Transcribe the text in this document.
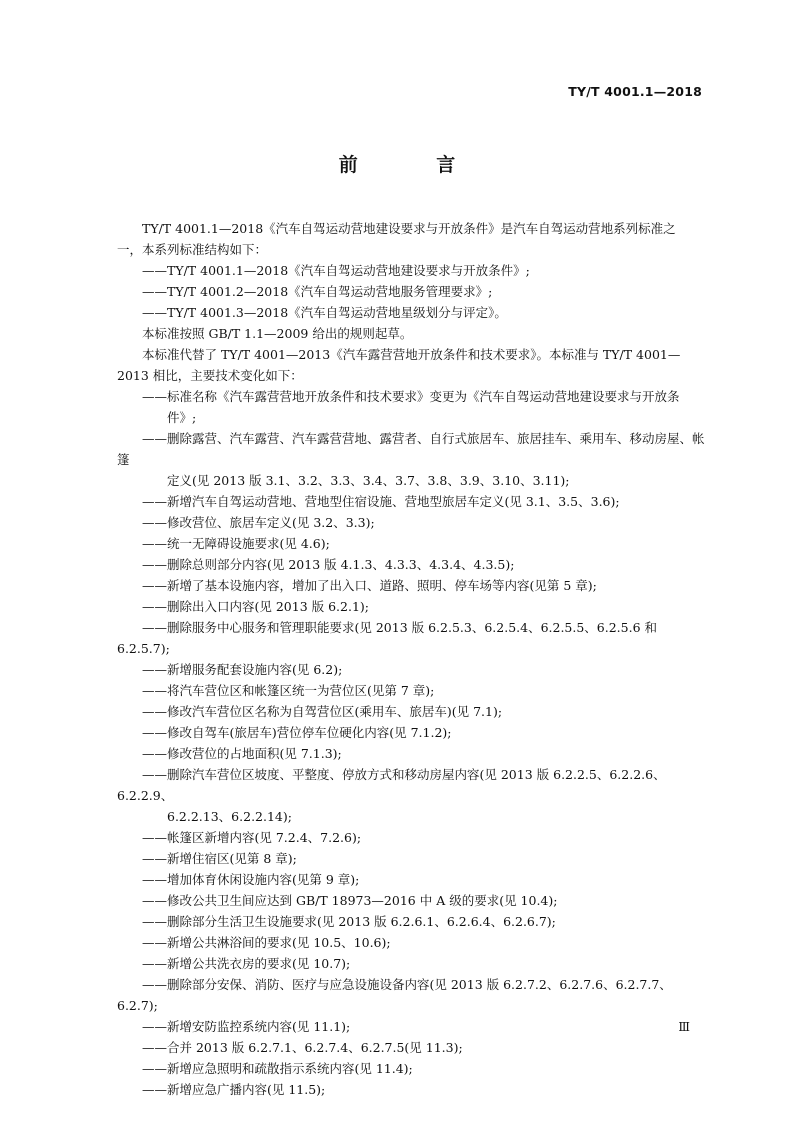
TY/T 4001.1—2018
前 言
TY/T 4001.1—2018《汽车自驾运动营地建设要求与开放条件》是汽车自驾运动营地系列标准之
一，本系列标准结构如下：
——TY/T 4001.1—2018《汽车自驾运动营地建设要求与开放条件》;
——TY/T 4001.2—2018《汽车自驾运动营地服务管理要求》;
——TY/T 4001.3—2018《汽车自驾运动营地星级划分与评定》。
本标准按照 GB/T 1.1—2009 给出的规则起草。
本标准代替了 TY/T 4001—2013《汽车露营营地开放条件和技术要求》。本标准与 TY/T 4001—
2013 相比，主要技术变化如下：
——标准名称《汽车露营营地开放条件和技术要求》变更为《汽车自驾运动营地建设要求与开放条
件》;
——删除露营、汽车露营、汽车露营营地、露营者、自行式旅居车、旅居挂车、乘用车、移动房屋、帐篷
定义(见 2013 版 3.1、3.2、3.3、3.4、3.7、3.8、3.9、3.10、3.11);
——新增汽车自驾运动营地、营地型住宿设施、营地型旅居车定义(见 3.1、3.5、3.6);
——修改营位、旅居车定义(见 3.2、3.3);
——统一无障碍设施要求(见 4.6);
——删除总则部分内容(见 2013 版 4.1.3、4.3.3、4.3.4、4.3.5);
——新增了基本设施内容，增加了出入口、道路、照明、停车场等内容(见第 5 章);
——删除出入口内容(见 2013 版 6.2.1);
——删除服务中心服务和管理职能要求(见 2013 版 6.2.5.3、6.2.5.4、6.2.5.5、6.2.5.6 和 6.2.5.7);
——新增服务配套设施内容(见 6.2);
——将汽车营位区和帐篷区统一为营位区(见第 7 章);
——修改汽车营位区名称为自驾营位区(乘用车、旅居车)(见 7.1);
——修改自驾车(旅居车)营位停车位硬化内容(见 7.1.2);
——修改营位的占地面积(见 7.1.3);
——删除汽车营位区坡度、平整度、停放方式和移动房屋内容(见 2013 版 6.2.2.5、6.2.2.6、6.2.2.9、
6.2.2.13、6.2.2.14);
——帐篷区新增内容(见 7.2.4、7.2.6);
——新增住宿区(见第 8 章);
——增加体育休闲设施内容(见第 9 章);
——修改公共卫生间应达到 GB/T 18973—2016 中 A 级的要求(见 10.4);
——删除部分生活卫生设施要求(见 2013 版 6.2.6.1、6.2.6.4、6.2.6.7);
——新增公共淋浴间的要求(见 10.5、10.6);
——新增公共洗衣房的要求(见 10.7);
——删除部分安保、消防、医疗与应急设施设备内容(见 2013 版 6.2.7.2、6.2.7.6、6.2.7.7、6.2.7);
——新增安防监控系统内容(见 11.1);
——合并 2013 版 6.2.7.1、6.2.7.4、6.2.7.5(见 11.3);
——新增应急照明和疏散指示系统内容(见 11.4);
——新增应急广播内容(见 11.5);
Ⅲ
